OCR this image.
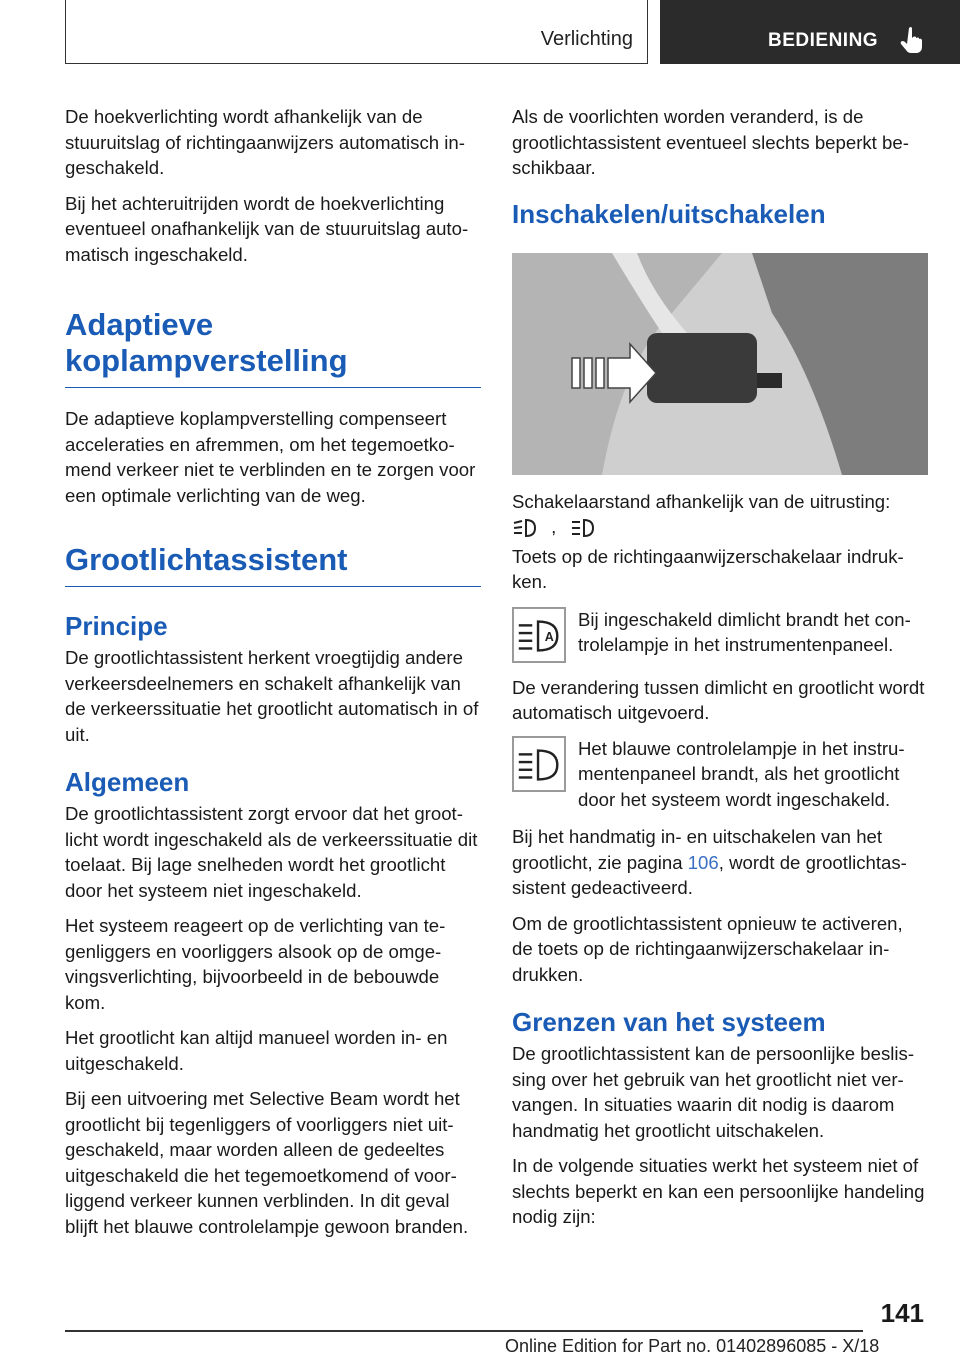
Verlichting	BEDIENING

De hoekverlichting wordt afhankelijk van de stuuruitslag of richtingaanwijzers automatisch ingeschakeld.

Bij het achteruitrijden wordt de hoekverlichting eventueel onafhankelijk van de stuuruitslag automatisch ingeschakeld.

Adaptieve koplampverstelling

De adaptieve koplampverstelling compenseert acceleraties en afremmen, om het tegemoetkomend verkeer niet te verblinden en te zorgen voor een optimale verlichting van de weg.

Grootlichtassistent
Principe

De grootlichtassistent herkent vroegtijdig andere verkeersdeelnemers en schakelt afhankelijk van de verkeerssituatie het grootlicht automatisch in of uit.

Algemeen

De grootlichtassistent zorgt ervoor dat het grootlicht wordt ingeschakeld als de verkeerssituatie dit toelaat. Bij lage snelheden wordt het grootlicht door het systeem niet ingeschakeld.

Het systeem reageert op de verlichting van tegenliggers en voorliggers alsook op de omgevingsverlichting, bijvoorbeeld in de bebouwde kom.

Het grootlicht kan altijd manueel worden in- en uitgeschakeld.

Bij een uitvoering met Selective Beam wordt het grootlicht bij tegenliggers of voorliggers niet uitgeschakeld, maar worden alleen de gedeeltes uitgeschakeld die het tegemoetkomend of voorliggend verkeer kunnen verblinden. In dit geval blijft het blauwe controlelampje gewoon branden.

Als de voorlichten worden veranderd, is de grootlichtassistent eventueel slechts beperkt beschikbaar.

Inschakelen/uitschakelen

Schakelaarstand afhankelijk van de uitrusting:
,

Toets op de richtingaanwijzerschakelaar indrukken.

A

Bij ingeschakeld dimlicht brandt het controlelampje in het instrumentenpaneel.

De verandering tussen dimlicht en grootlicht wordt automatisch uitgevoerd.

Het blauwe controlelampje in het instrumentenpaneel brandt, als het grootlicht door het systeem wordt ingeschakeld.

Bij het handmatig in- en uitschakelen van het grootlicht, zie pagina 106, wordt de grootlichtassistent gedeactiveerd.

Om de grootlichtassistent opnieuw te activeren, de toets op de richtingaanwijzerschakelaar indrukken.

Grenzen van het systeem

De grootlichtassistent kan de persoonlijke beslissing over het gebruik van het grootlicht niet vervangen. In situaties waarin dit nodig is daarom handmatig het grootlicht uitschakelen.

In de volgende situaties werkt het systeem niet of slechts beperkt en kan een persoonlijke handeling nodig zijn:

141
Online Edition for Part no. 01402896085 - X/18
